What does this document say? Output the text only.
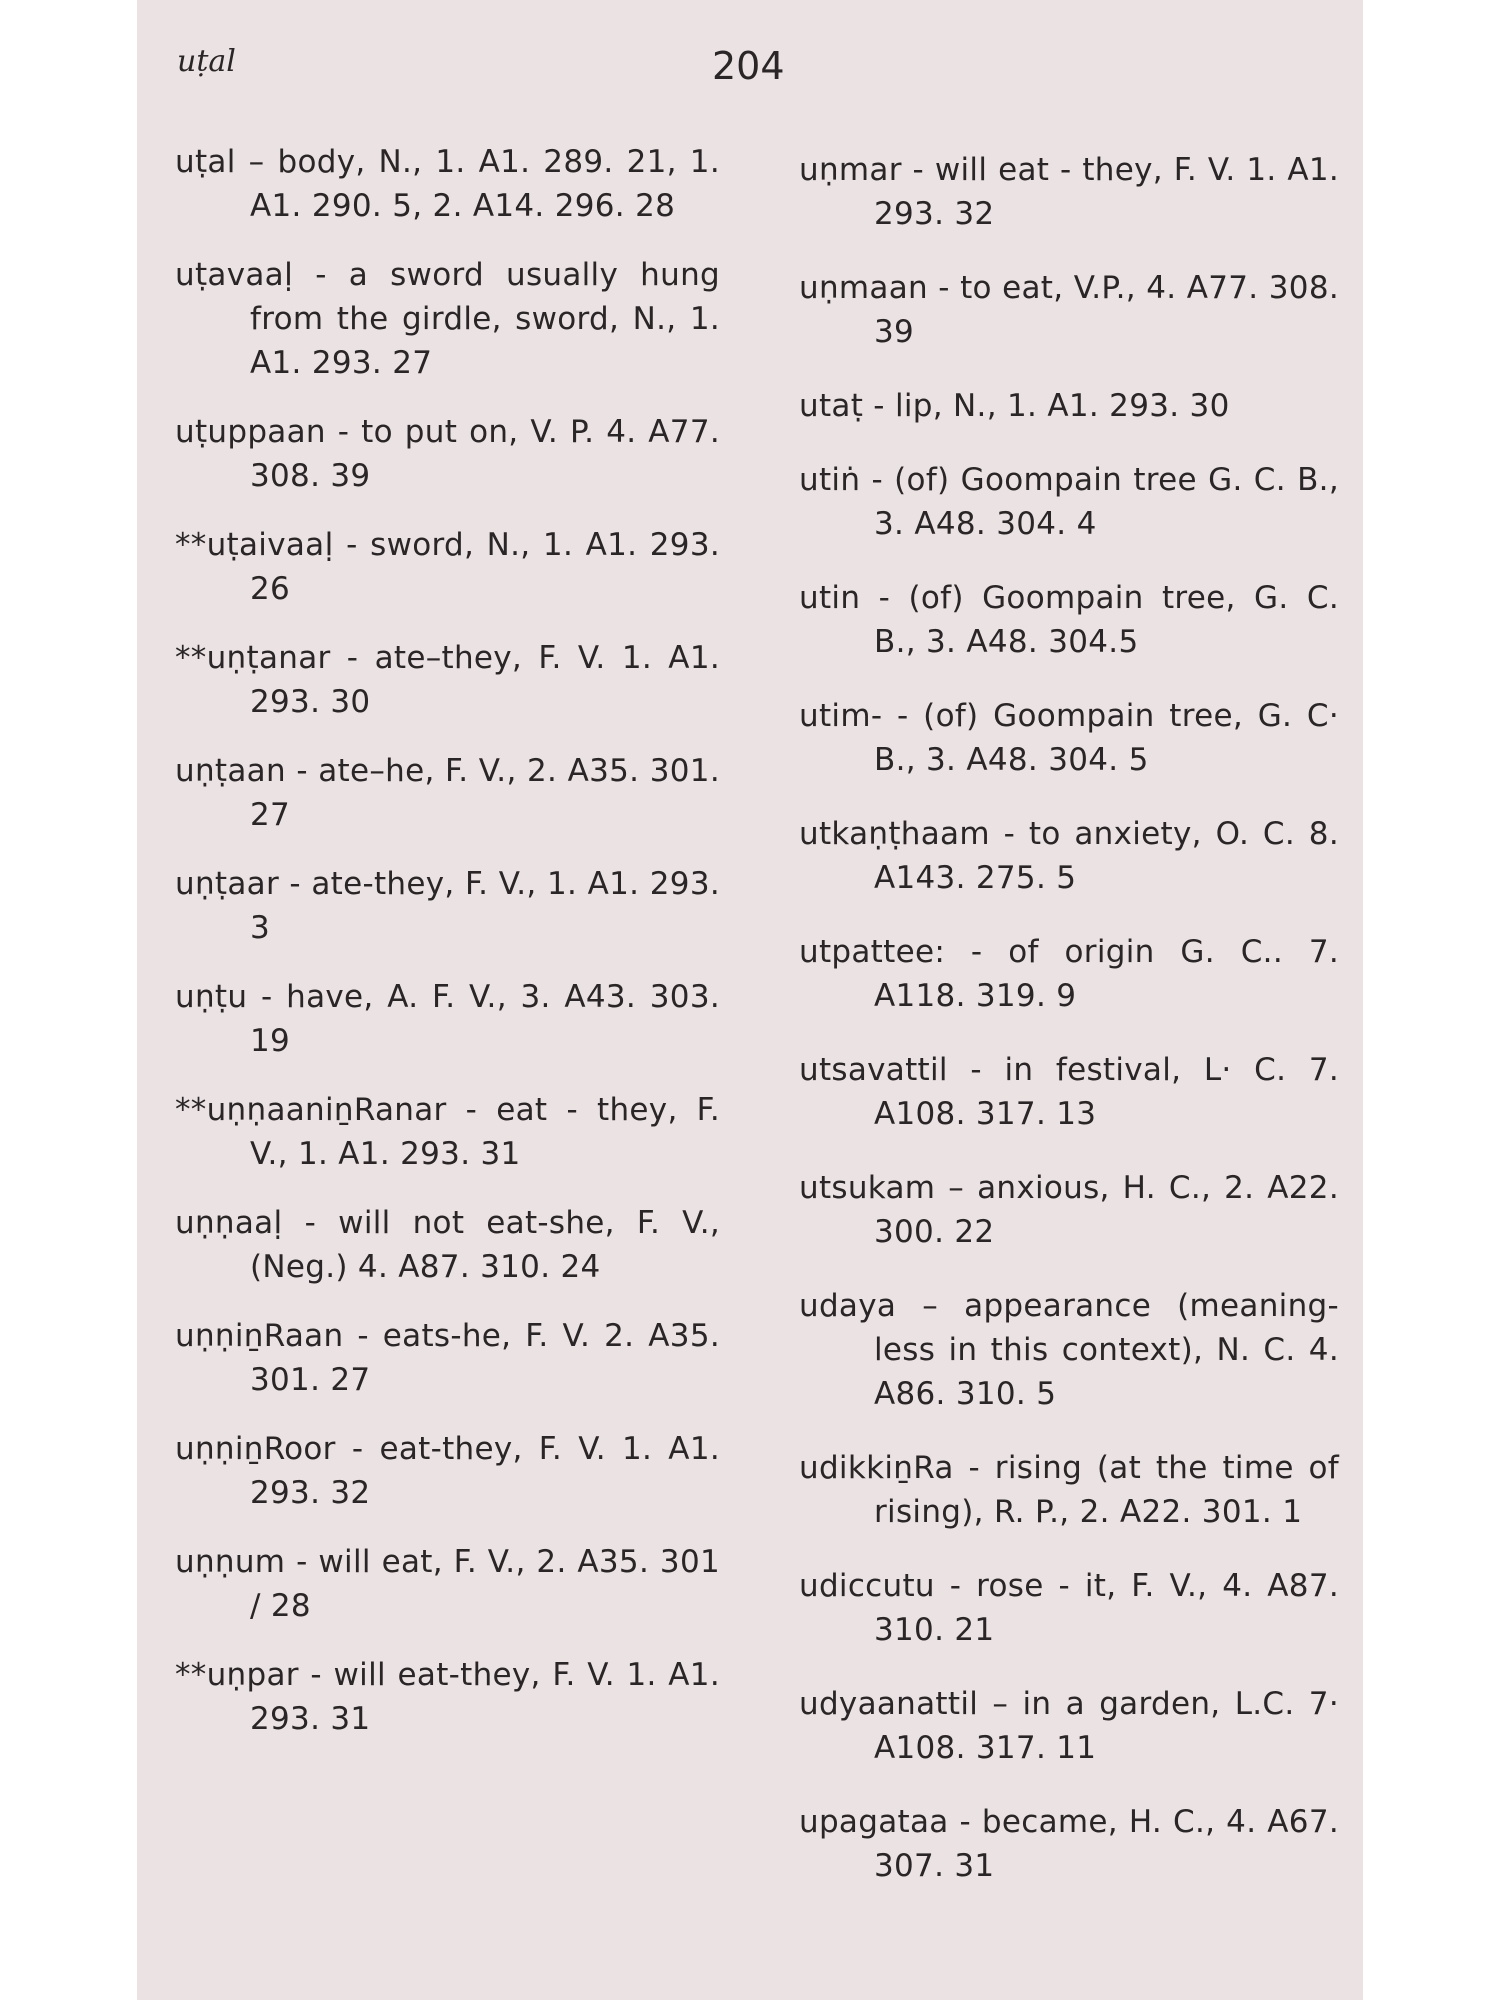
uṭal	204
uṭal – body, N., 1. A1. 289. 21, 1. A1. 290. 5, 2. A14. 296. 28
uṭavaaḷ - a sword usually hung from the girdle, sword, N., 1. A1. 293. 27
uṭuppaan - to put on, V. P. 4. A77. 308. 39
**uṭaivaaḷ - sword, N., 1. A1. 293. 26
**uṇṭanar - ate–they, F. V. 1. A1. 293. 30
uṇṭaan - ate–he, F. V., 2. A35. 301. 27
uṇṭaar - ate-they, F. V., 1. A1. 293. 3
uṇṭu - have, A. F. V., 3. A43. 303. 19
**uṇṇaaniṉRanar - eat - they, F. V., 1. A1. 293. 31
uṇṇaaḷ - will not eat-she, F. V., (Neg.) 4. A87. 310. 24
uṇṇiṉRaan - eats-he, F. V. 2. A35. 301. 27
uṇṇiṉRoor - eat-they, F. V. 1. A1. 293. 32
uṇṇum - will eat, F. V., 2. A35. 301 / 28
**uṇpar - will eat-they, F. V. 1. A1. 293. 31
uṇmar - will eat - they, F. V. 1. A1. 293. 32
uṇmaan - to eat, V.P., 4. A77. 308. 39
utaṭ - lip, N., 1. A1. 293. 30
utiṅ - (of) Goompain tree G. C. B., 3. A48. 304. 4
utin - (of) Goompain tree, G. C. B., 3. A48. 304.5
utim- - (of) Goompain tree, G. C· B., 3. A48. 304. 5
utkaṇṭhaam - to anxiety, O. C. 8. A143. 275. 5
utpattee: - of origin G. C.. 7. A118. 319. 9
utsavattil - in festival, L· C. 7. A108. 317. 13
utsukam – anxious, H. C., 2. A22. 300. 22
udaya – appearance (meaning-less in this context), N. C. 4. A86. 310. 5
udikkiṉRa - rising (at the time of rising), R. P., 2. A22. 301. 1
udiccutu - rose - it, F. V., 4. A87. 310. 21
udyaanattil – in a garden, L.C. 7· A108. 317. 11
upagataa - became, H. C., 4. A67. 307. 31
